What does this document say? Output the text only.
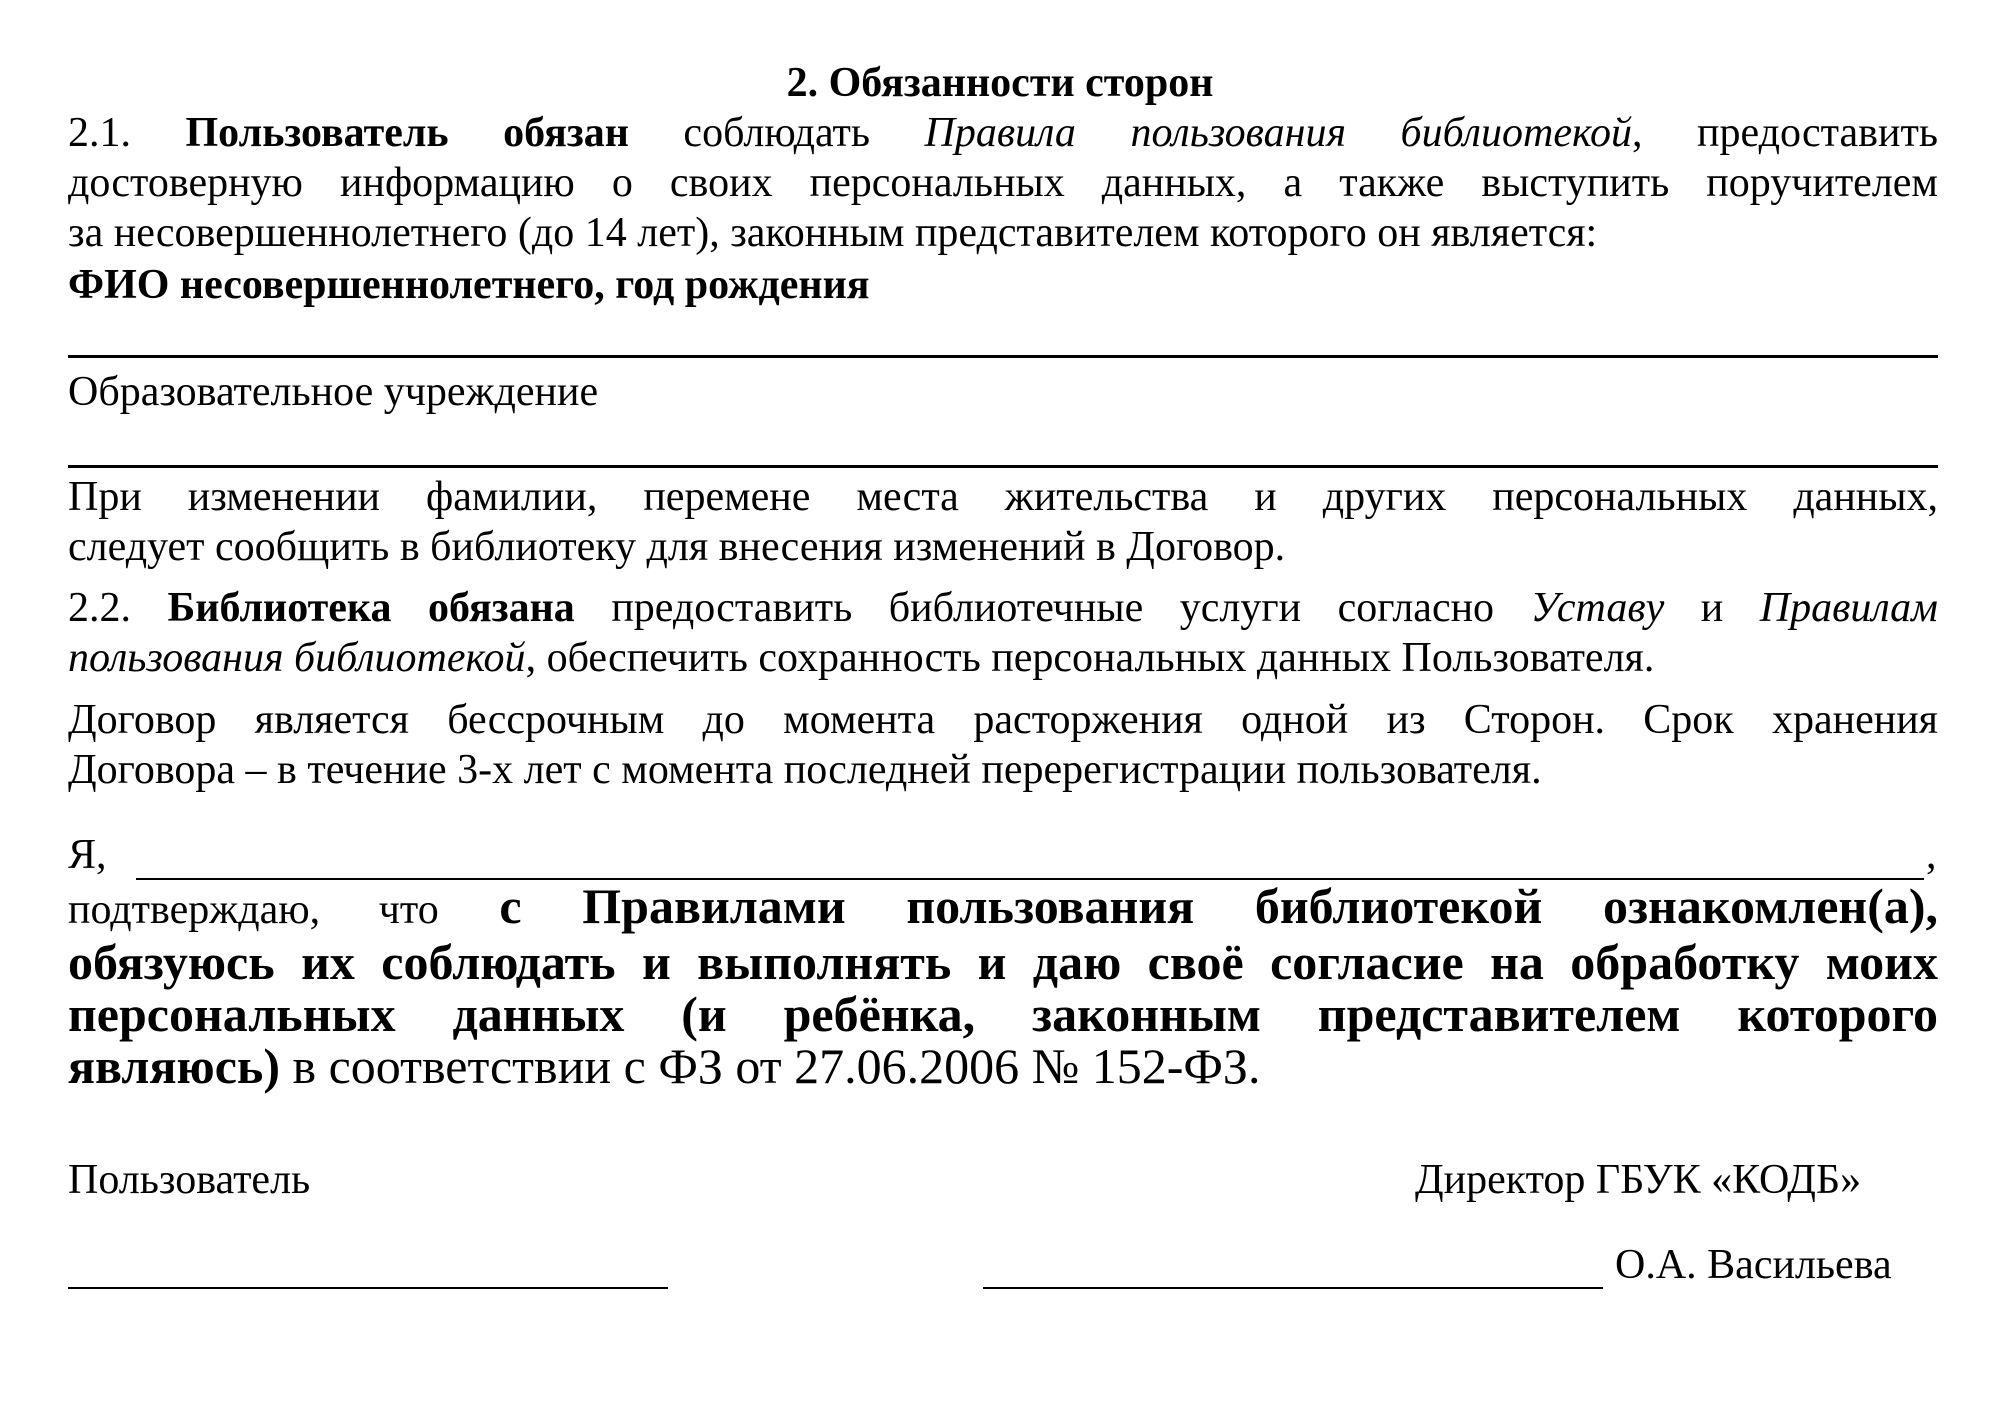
2. Обязанности сторон
2.1. Пользователь обязан соблюдать Правила пользования библиотекой, предоставить
достоверную информацию о своих персональных данных, а также выступить поручителем
за несовершеннолетнего (до 14 лет), законным представителем которого он является:
ФИО несовершеннолетнего, год рождения
Образовательное учреждение
При изменении фамилии, перемене места жительства и других персональных данных,
следует сообщить в библиотеку для внесения изменений в Договор.
2.2. Библиотека обязана предоставить библиотечные услуги согласно Уставу и Правилам
пользования библиотекой, обеспечить сохранность персональных данных Пользователя.
Договор является бессрочным до момента расторжения одной из Сторон. Срок хранения
Договора – в течение 3-х лет с момента последней перерегистрации пользователя.
Я,	,
подтверждаю, что с Правилами пользования библиотекой ознакомлен(а),
обязуюсь их соблюдать и выполнять и даю своё согласие на обработку моих
персональных данных (и ребёнка, законным представителем которого
являюсь) в соответствии с ФЗ от 27.06.2006 № 152-ФЗ.
Пользователь	Директор ГБУК «КОДБ»
О.А. Васильева
